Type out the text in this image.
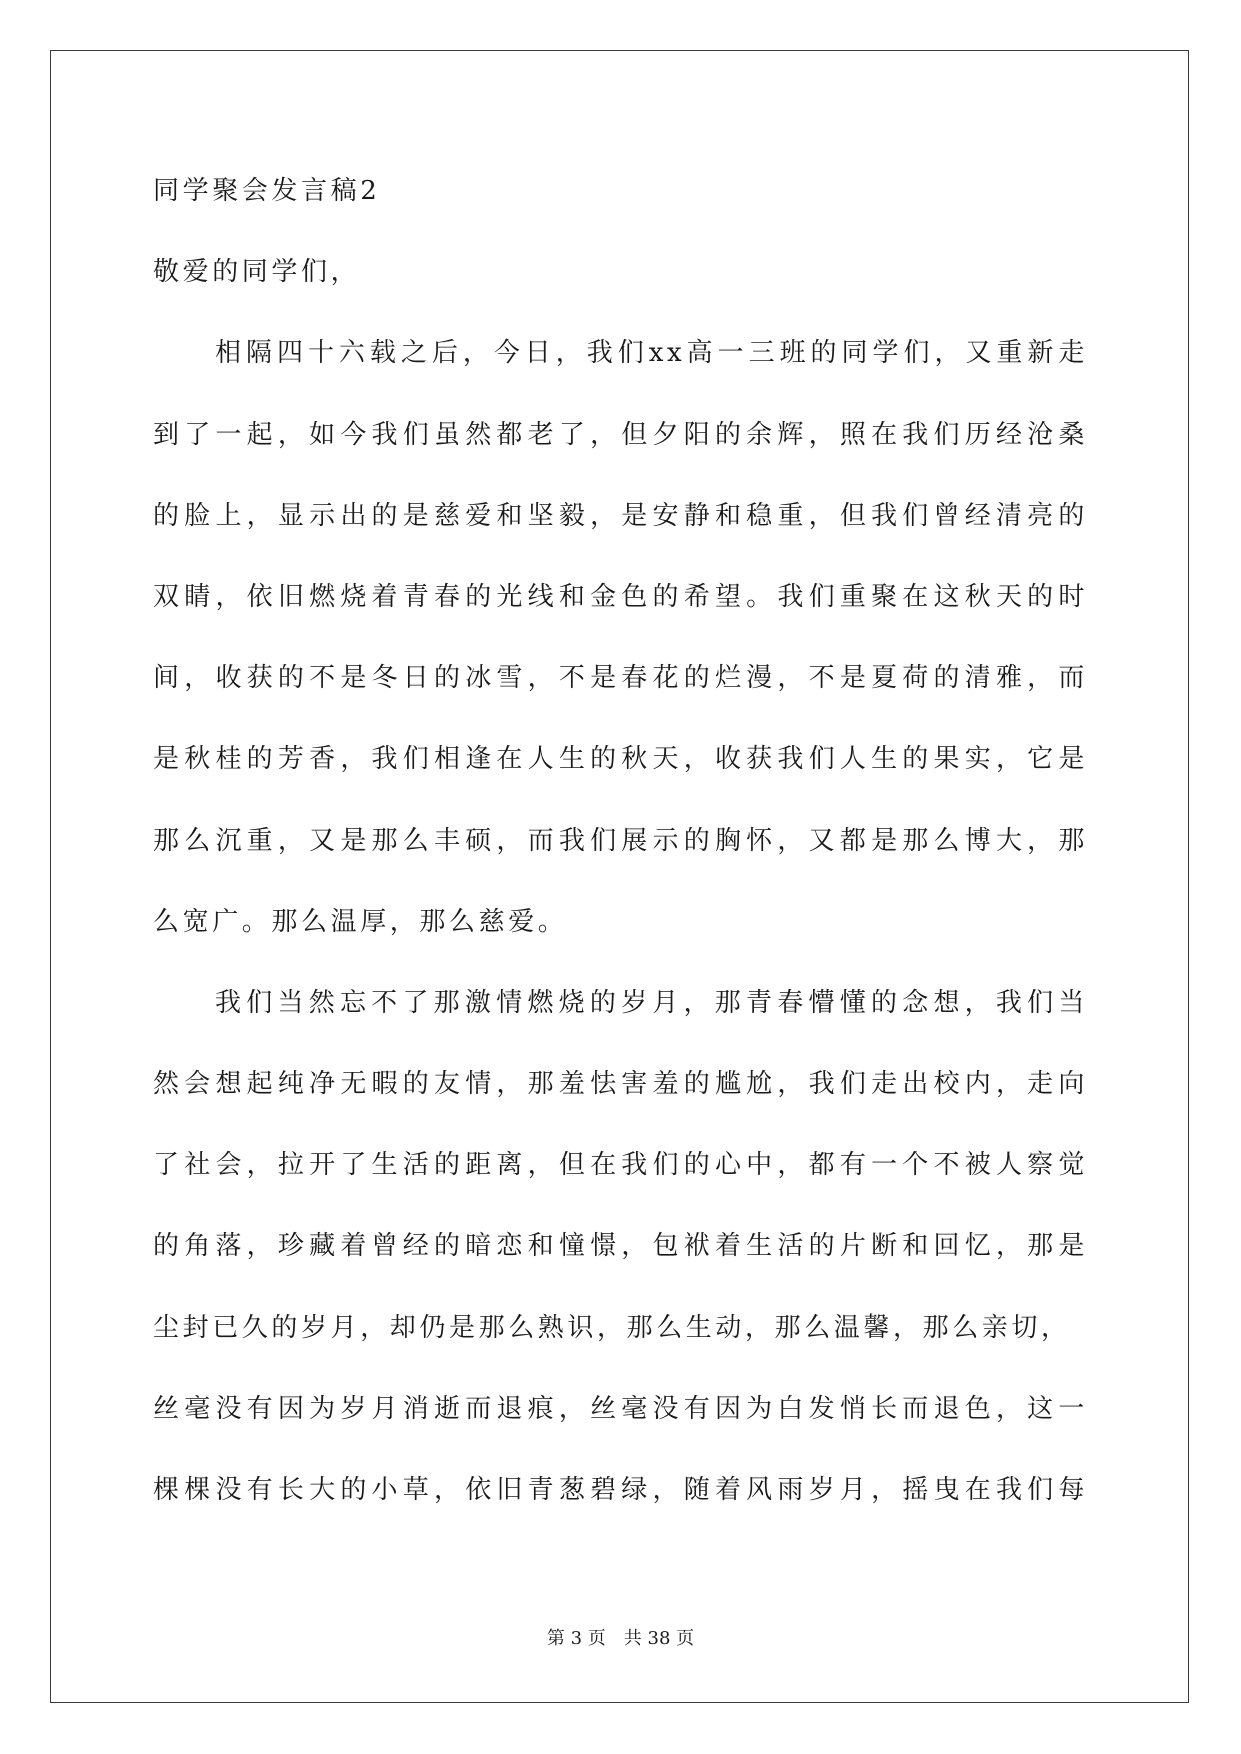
同学聚会发言稿2
敬爱的同学们，
相隔四十六载之后，今日，我们xx高一三班的同学们，又重新走
到了一起，如今我们虽然都老了，但夕阳的余辉，照在我们历经沧桑
的脸上，显示出的是慈爱和坚毅，是安静和稳重，但我们曾经清亮的
双睛，依旧燃烧着青春的光线和金色的希望。我们重聚在这秋天的时
间，收获的不是冬日的冰雪，不是春花的烂漫，不是夏荷的清雅，而
是秋桂的芳香，我们相逢在人生的秋天，收获我们人生的果实，它是
那么沉重，又是那么丰硕，而我们展示的胸怀，又都是那么博大，那
么宽广。那么温厚，那么慈爱。
我们当然忘不了那激情燃烧的岁月，那青春懵懂的念想，我们当
然会想起纯净无暇的友情，那羞怯害羞的尴尬，我们走出校内，走向
了社会，拉开了生活的距离，但在我们的心中，都有一个不被人察觉
的角落，珍藏着曾经的暗恋和憧憬，包袱着生活的片断和回忆，那是
尘封已久的岁月，却仍是那么熟识，那么生动，那么温馨，那么亲切，
丝毫没有因为岁月消逝而退痕，丝毫没有因为白发悄长而退色，这一
棵棵没有长大的小草，依旧青葱碧绿，随着风雨岁月，摇曳在我们每
第 3 页 共 38 页
